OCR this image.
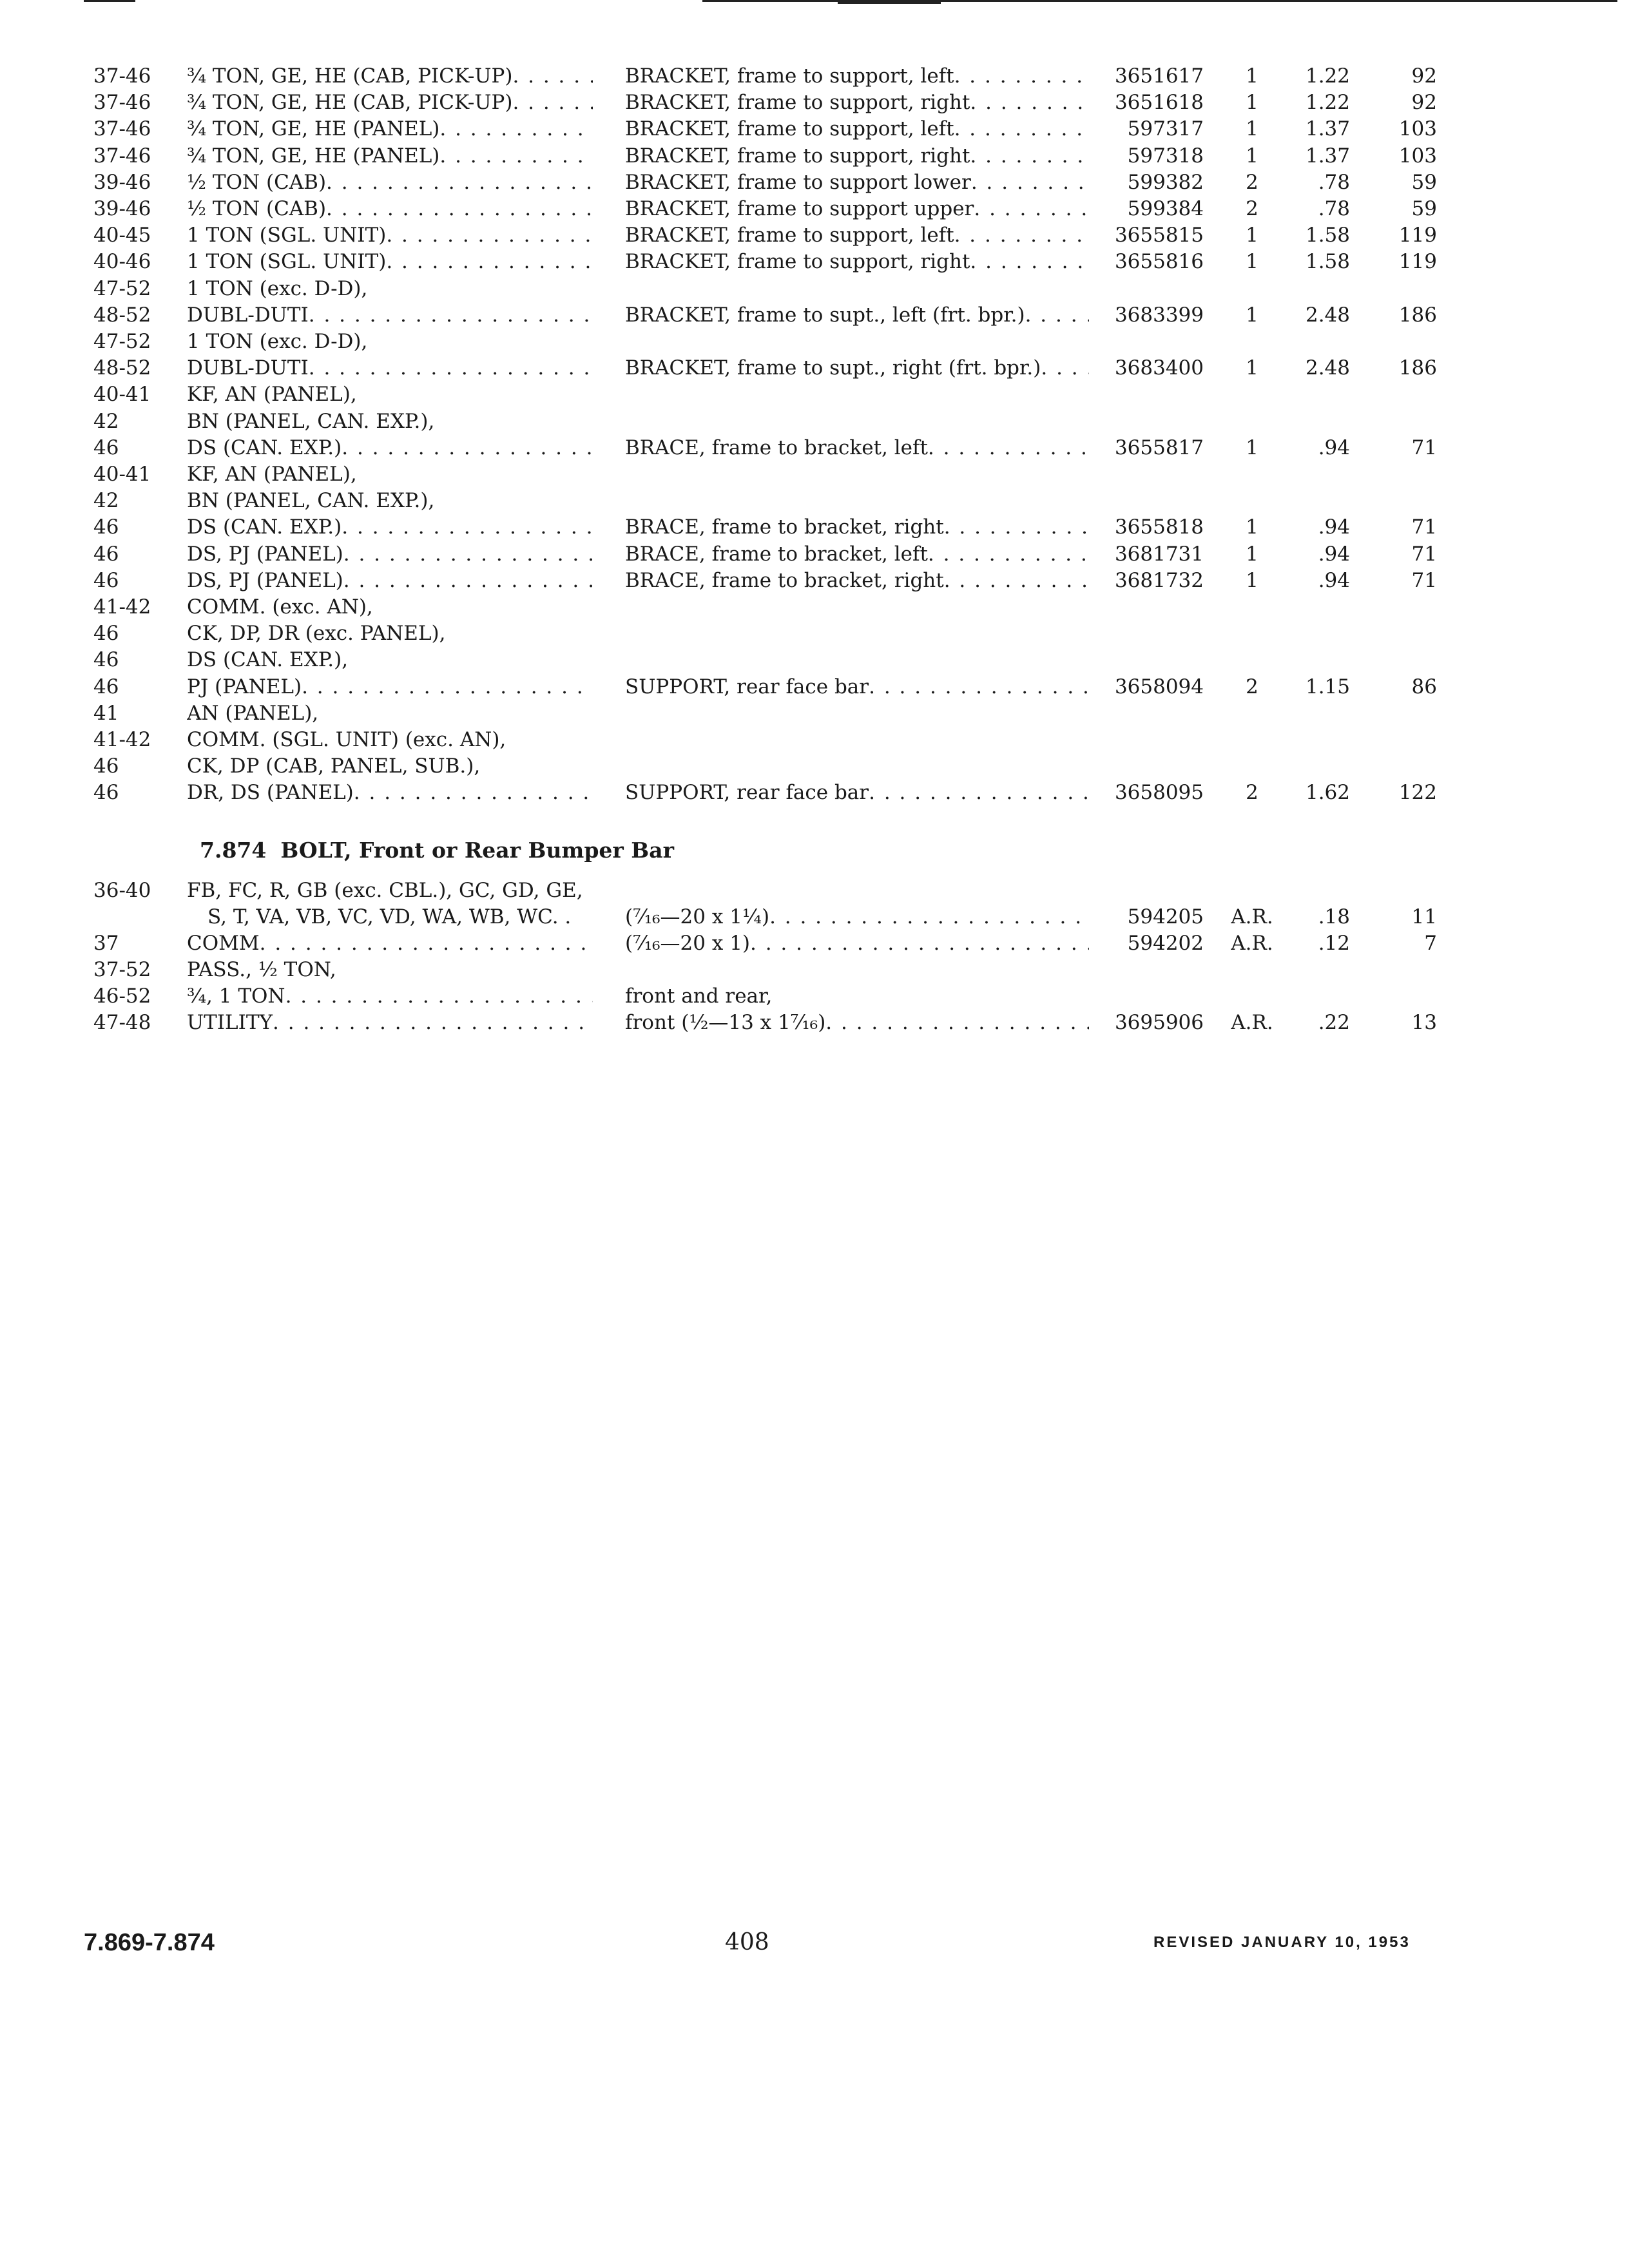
37-46	¾ TON, GE, HE (CAB, PICK-UP) . . .	BRACKET, frame to support, left . . .	3651617	1	1.22	92
37-46	¾ TON, GE, HE (CAB, PICK-UP) . . .	BRACKET, frame to support, right . . .	3651618	1	1.22	92
37-46	¾ TON, GE, HE (PANEL) . . .	BRACKET, frame to support, left . . .	597317	1	1.37	103
37-46	¾ TON, GE, HE (PANEL) . . .	BRACKET, frame to support, right . . .	597318	1	1.37	103
39-46	½ TON (CAB) . . .	BRACKET, frame to support lower . . .	599382	2	.78	59
39-46	½ TON (CAB) . . .	BRACKET, frame to support upper . . .	599384	2	.78	59
40-45	1 TON (SGL. UNIT) . . .	BRACKET, frame to support, left . . .	3655815	1	1.58	119
40-46	1 TON (SGL. UNIT) . . .	BRACKET, frame to support, right . . .	3655816	1	1.58	119
47-52	1 TON (exc. D-D),
48-52	DUBL-DUTI . . .	BRACKET, frame to supt., left (frt. bpr.) . . .	3683399	1	2.48	186
47-52	1 TON (exc. D-D),
48-52	DUBL-DUTI . . .	BRACKET, frame to supt., right (frt. bpr.) . . .	3683400	1	2.48	186
40-41	KF, AN (PANEL),
42	BN (PANEL, CAN. EXP.),
46	DS (CAN. EXP.) . . .	BRACE, frame to bracket, left . . .	3655817	1	.94	71
40-41	KF, AN (PANEL),
42	BN (PANEL, CAN. EXP.),
46	DS (CAN. EXP.) . . .	BRACE, frame to bracket, right . . .	3655818	1	.94	71
46	DS, PJ (PANEL) . . .	BRACE, frame to bracket, left . . .	3681731	1	.94	71
46	DS, PJ (PANEL) . . .	BRACE, frame to bracket, right . . .	3681732	1	.94	71
41-42	COMM. (exc. AN),
46	CK, DP, DR (exc. PANEL),
46	DS (CAN. EXP.),
46	PJ (PANEL) . . .	SUPPORT, rear face bar . . .	3658094	2	1.15	86
41	AN (PANEL),
41-42	COMM. (SGL. UNIT) (exc. AN),
46	CK, DP (CAB, PANEL, SUB.),
46	DR, DS (PANEL) . . .	SUPPORT, rear face bar . . .	3658095	2	1.62	122
7.874 BOLT, Front or Rear Bumper Bar
36-40	FB, FC, R, GB (exc. CBL.), GC, GD, GE,
S, T, VA, VB, VC, VD, WA, WB, WC. .	(⁷⁄₁₆—20 x 1¼) . . .	594205	A.R.	.18	11
37	COMM . . .	(⁷⁄₁₆—20 x 1) . . .	594202	A.R.	.12	7
37-52	PASS., ½ TON,
46-52	¾, 1 TON . . .	front and rear,
47-48	UTILITY . . .	front (½—13 x 1⁷⁄₁₆) . . .	3695906	A.R.	.22	13
7.869-7.874	408	REVISED JANUARY 10, 1953
